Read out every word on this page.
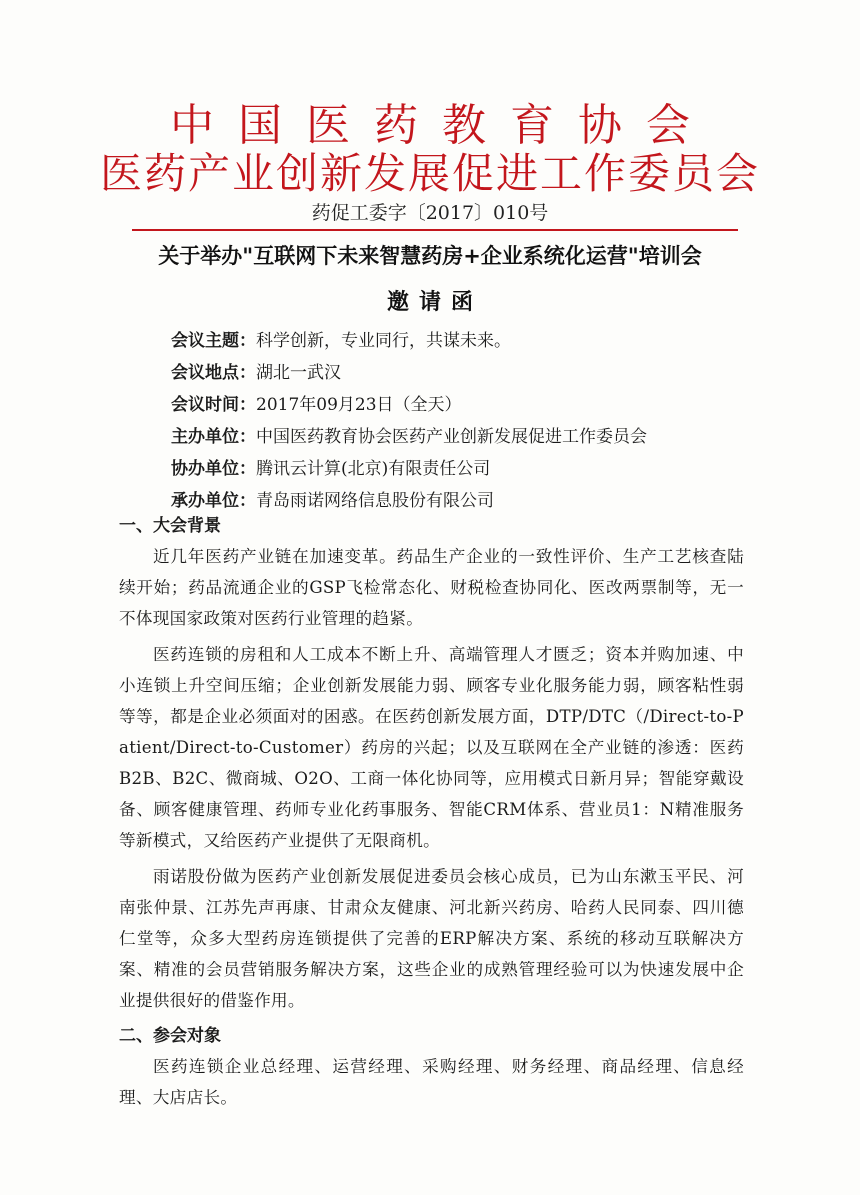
中国医药教育协会
医药产业创新发展促进工作委员会
药促工委字〔2017〕010号
关于举办"互联网下未来智慧药房+企业系统化运营"培训会
邀请函
会议主题：科学创新，专业同行，共谋未来。
会议地点：湖北一武汉
会议时间：2017年09月23日（全天）
主办单位：中国医药教育协会医药产业创新发展促进工作委员会
协办单位：腾讯云计算(北京)有限责任公司
承办单位：青岛雨诺网络信息股份有限公司
一、大会背景

近几年医药产业链在加速变革。药品生产企业的一致性评价、生产工艺核查陆续开始；药品流通企业的GSP飞检常态化、财税检查协同化、医改两票制等，无一不体现国家政策对医药行业管理的趋紧。

医药连锁的房租和人工成本不断上升、高端管理人才匮乏；资本并购加速、中小连锁上升空间压缩；企业创新发展能力弱、顾客专业化服务能力弱，顾客粘性弱等等，都是企业必须面对的困惑。在医药创新发展方面，DTP/DTC（/Direct-to-Patient/Direct-to-Customer）药房的兴起；以及互联网在全产业链的渗透：医药B2B、B2C、微商城、O2O、工商一体化协同等，应用模式日新月异；智能穿戴设备、顾客健康管理、药师专业化药事服务、智能CRM体系、营业员1：N精准服务等新模式，又给医药产业提供了无限商机。

雨诺股份做为医药产业创新发展促进委员会核心成员，已为山东漱玉平民、河南张仲景、江苏先声再康、甘肃众友健康、河北新兴药房、哈药人民同泰、四川德仁堂等，众多大型药房连锁提供了完善的ERP解决方案、系统的移动互联解决方案、精准的会员营销服务解决方案，这些企业的成熟管理经验可以为快速发展中企业提供很好的借鉴作用。

二、参会对象

医药连锁企业总经理、运营经理、采购经理、财务经理、商品经理、信息经理、大店店长。
